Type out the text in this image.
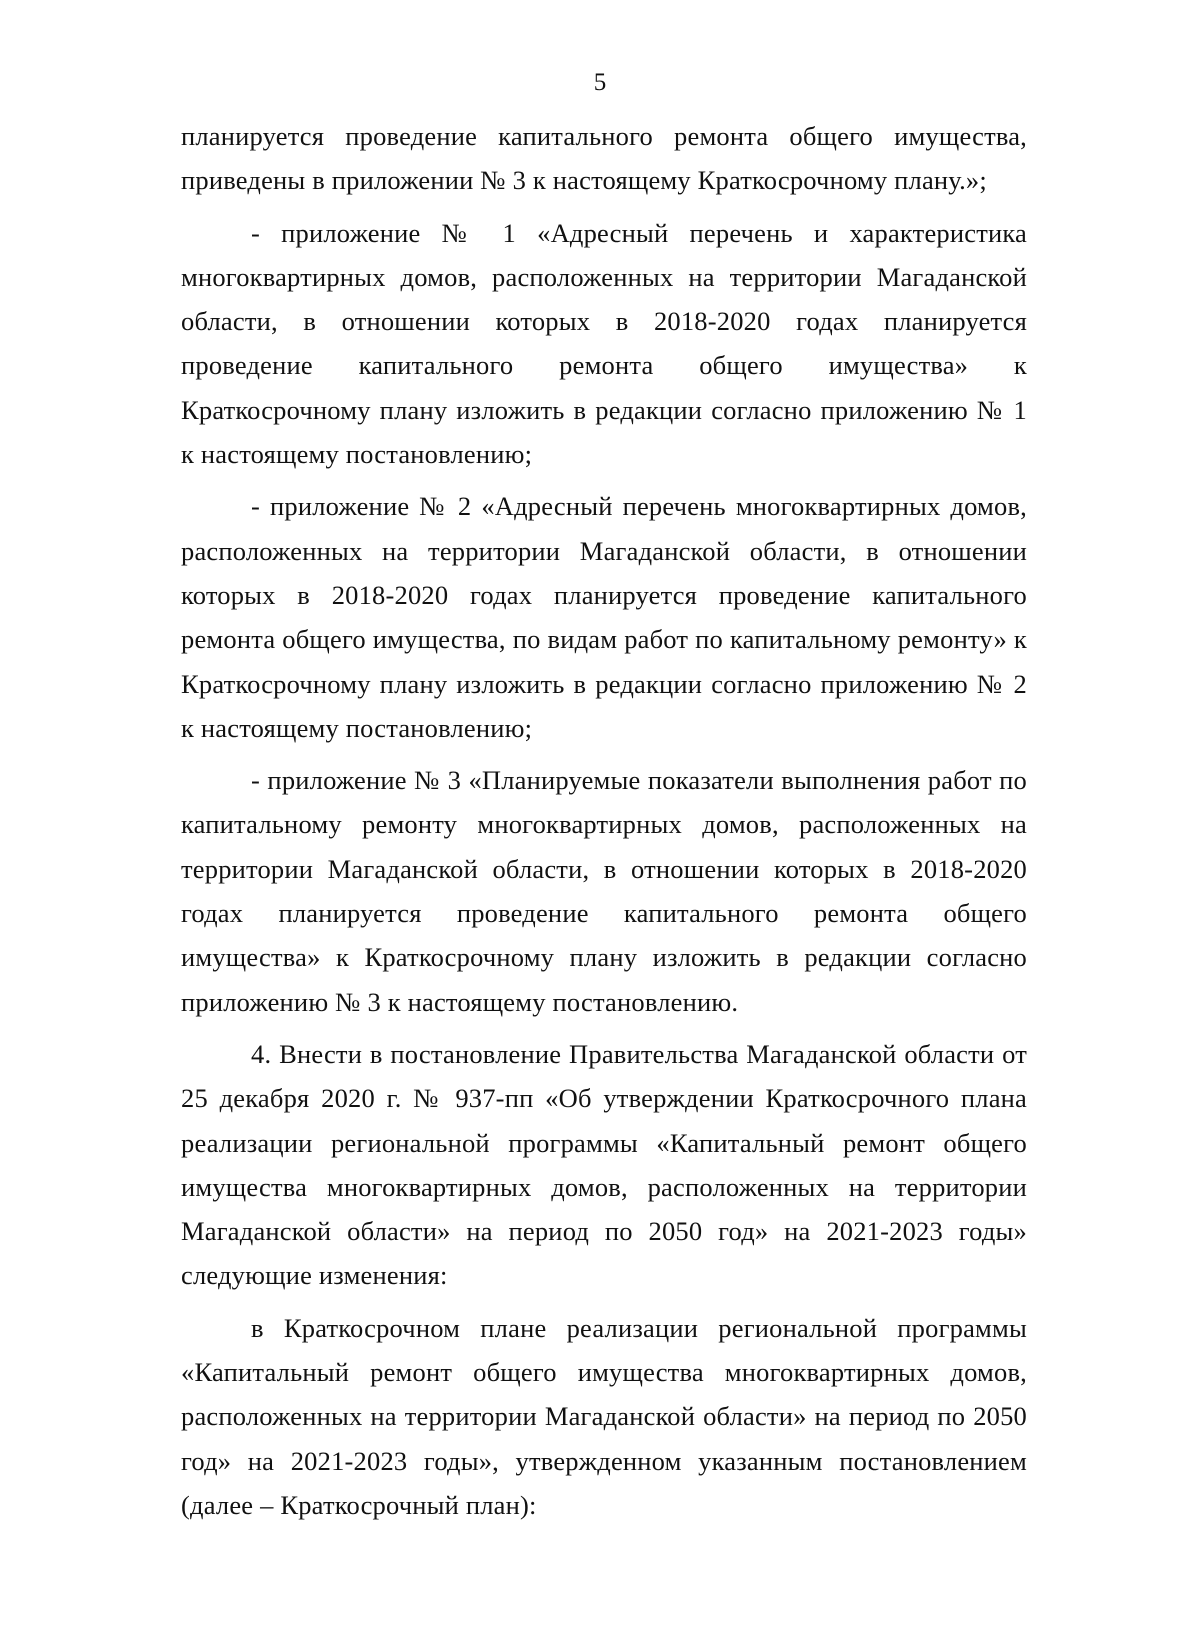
5

планируется проведение капитального ремонта общего имущества, приведены в приложении № 3 к настоящему Краткосрочному плану.»;

- приложение № 1 «Адресный перечень и характеристика многоквартирных домов, расположенных на территории Магаданской области, в отношении которых в 2018-2020 годах планируется проведение капитального ремонта общего имущества» к Краткосрочному плану изложить в редакции согласно приложению № 1 к настоящему постановлению;

- приложение № 2 «Адресный перечень многоквартирных домов, расположенных на территории Магаданской области, в отношении которых в 2018-2020 годах планируется проведение капитального ремонта общего имущества, по видам работ по капитальному ремонту» к Краткосрочному плану изложить в редакции согласно приложению № 2 к настоящему постановлению;

- приложение № 3 «Планируемые показатели выполнения работ по капитальному ремонту многоквартирных домов, расположенных на территории Магаданской области, в отношении которых в 2018-2020 годах планируется проведение капитального ремонта общего имущества» к Краткосрочному плану изложить в редакции согласно приложению № 3 к настоящему постановлению.

4. Внести в постановление Правительства Магаданской области от 25 декабря 2020 г. № 937-пп «Об утверждении Краткосрочного плана реализации региональной программы «Капитальный ремонт общего имущества многоквартирных домов, расположенных на территории Магаданской области» на период по 2050 год» на 2021-2023 годы» следующие изменения:

в Краткосрочном плане реализации региональной программы «Капитальный ремонт общего имущества многоквартирных домов, расположенных на территории Магаданской области» на период по 2050 год» на 2021-2023 годы», утвержденном указанным постановлением (далее – Краткосрочный план):
